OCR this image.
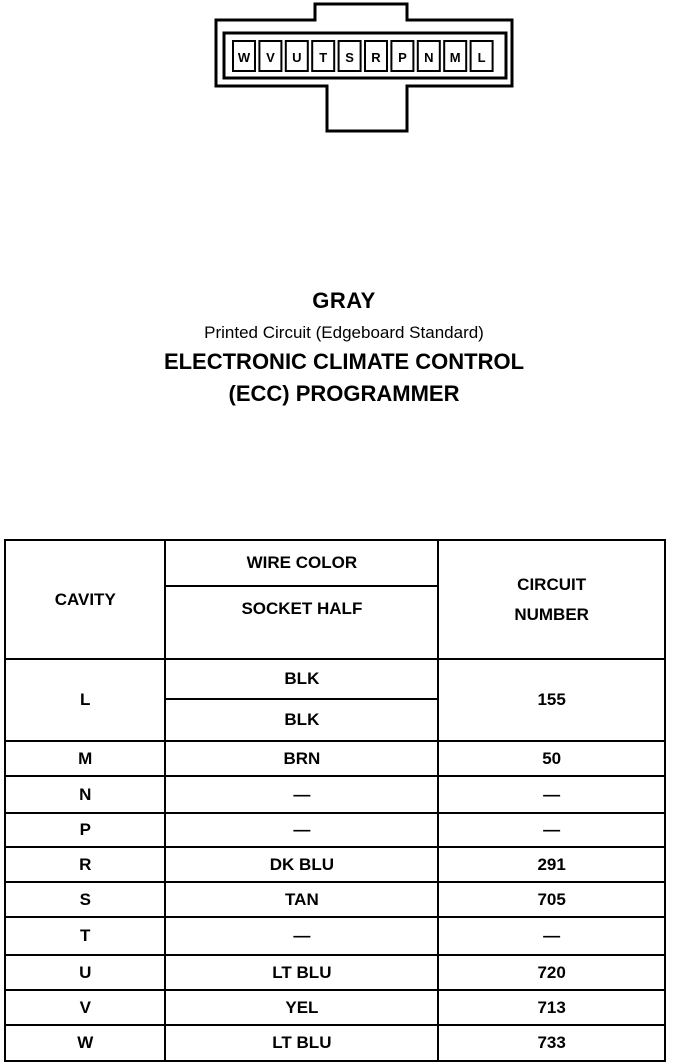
W V U T S R P N M L
GRAY
Printed Circuit (Edgeboard Standard)
ELECTRONIC CLIMATE CONTROL
(ECC) PROGRAMMER
CAVITY	WIRE COLOR	CIRCUIT
NUMBER

	SOCKET HALF	
L	BLK	155
	BLK	
M	BRN	50
N	—	—
P	—	—
R	DK BLU	291
S	TAN	705
T	—	—
U	LT BLU	720
V	YEL	713
W	LT BLU	733
